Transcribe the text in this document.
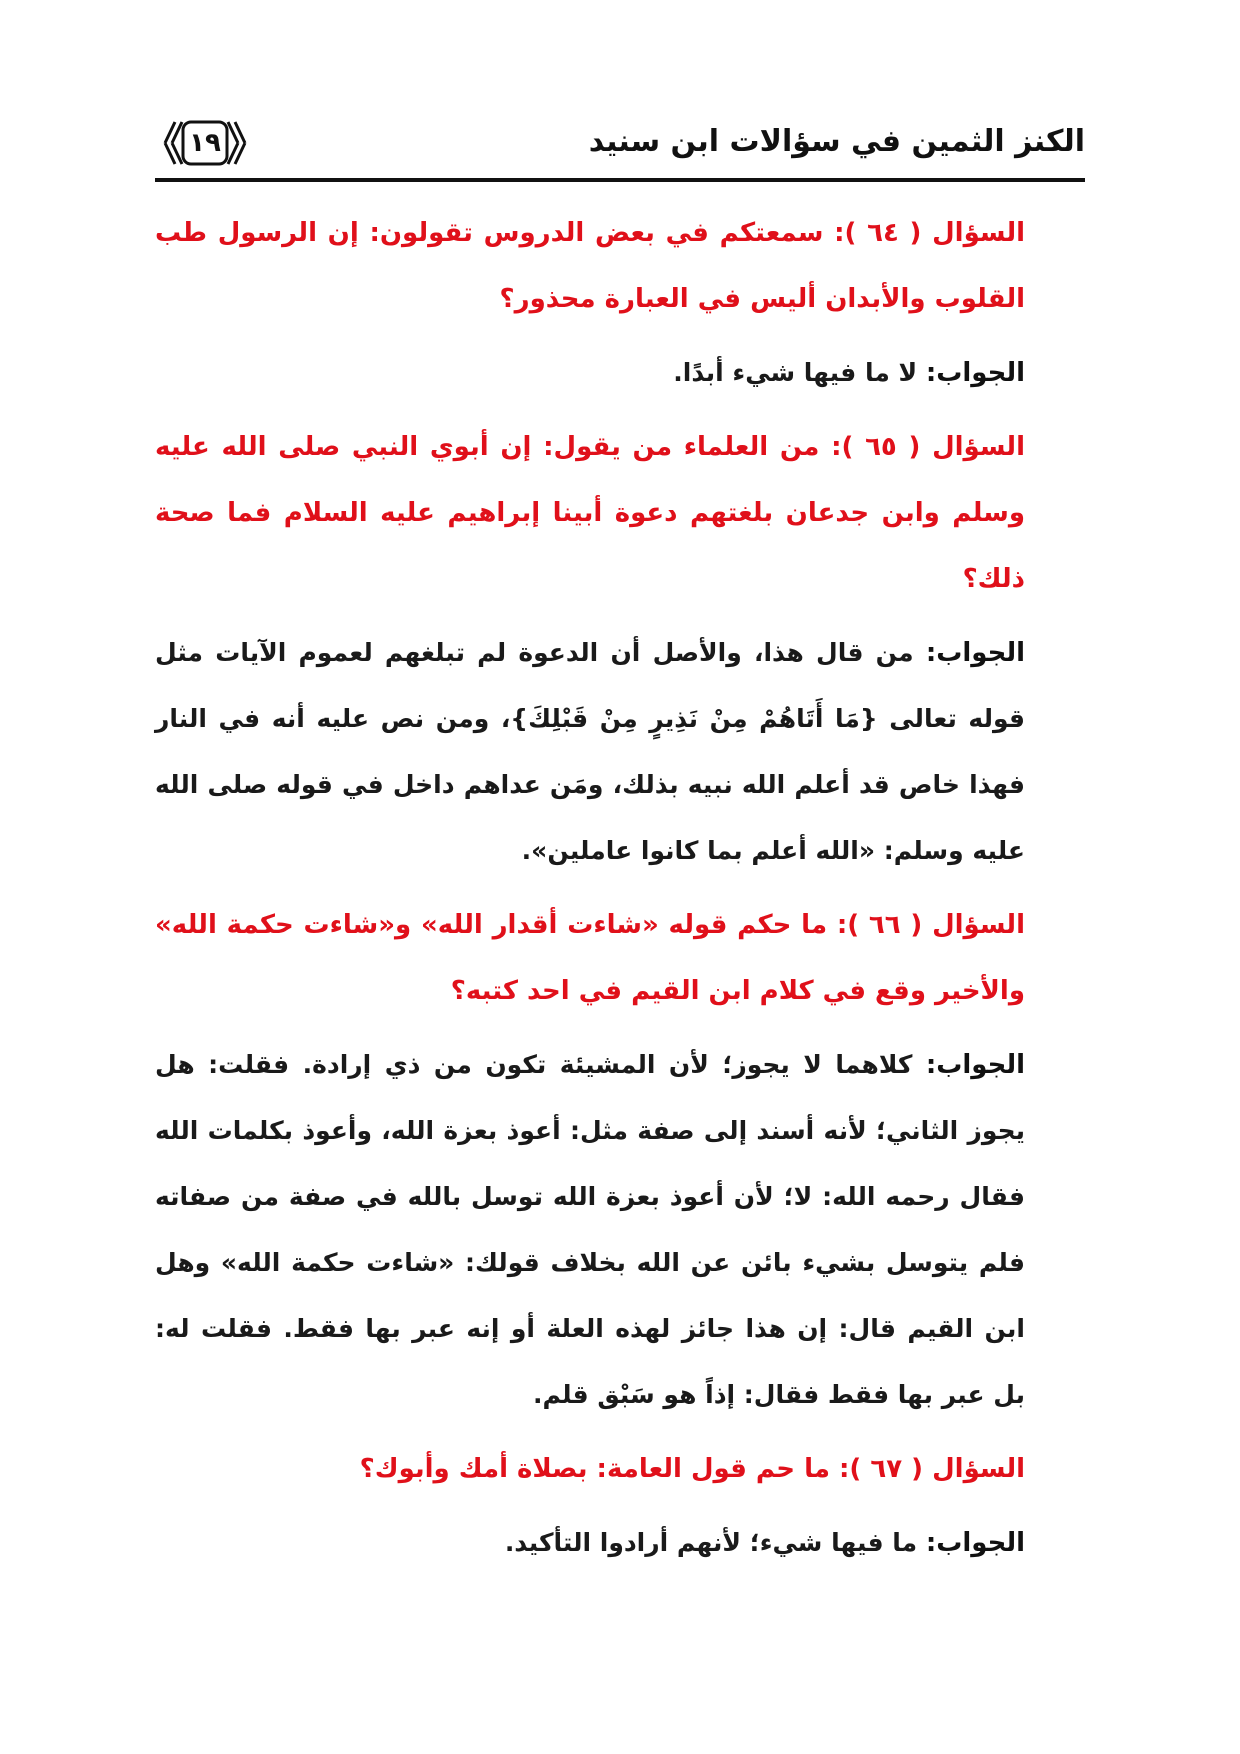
الكنز الثمين في سؤالات ابن سنيد
١٩

السؤال ( ٦٤ ): سمعتكم في بعض الدروس تقولون: إن الرسول طب القلوب والأبدان أليس في العبارة محذور؟

الجواب: لا ما فيها شيء أبدًا.

السؤال ( ٦٥ ): من العلماء من يقول: إن أبوي النبي صلى الله عليه وسلم وابن جدعان بلغتهم دعوة أبينا إبراهيم عليه السلام فما صحة ذلك؟

الجواب: من قال هذا، والأصل أن الدعوة لم تبلغهم لعموم الآيات مثل قوله تعالى {مَا أَتَاهُمْ مِنْ نَذِيرٍ مِنْ قَبْلِكَ}، ومن نص عليه أنه في النار فهذا خاص قد أعلم الله نبيه بذلك، ومَن عداهم داخل في قوله صلى الله عليه وسلم: «الله أعلم بما كانوا عاملين».

السؤال ( ٦٦ ): ما حكم قوله «شاءت أقدار الله» و«شاءت حكمة الله» والأخير وقع في كلام ابن القيم في احد كتبه؟

الجواب: كلاهما لا يجوز؛ لأن المشيئة تكون من ذي إرادة. فقلت: هل يجوز الثاني؛ لأنه أسند إلى صفة مثل: أعوذ بعزة الله، وأعوذ بكلمات الله فقال رحمه الله: لا؛ لأن أعوذ بعزة الله توسل بالله في صفة من صفاته فلم يتوسل بشيء بائن عن الله بخلاف قولك: «شاءت حكمة الله» وهل ابن القيم قال: إن هذا جائز لهذه العلة أو إنه عبر بها فقط. فقلت له: بل عبر بها فقط فقال: إذاً هو سَبْق قلم.

السؤال ( ٦٧ ): ما حم قول العامة: بصلاة أمك وأبوك؟

الجواب: ما فيها شيء؛ لأنهم أرادوا التأكيد.
